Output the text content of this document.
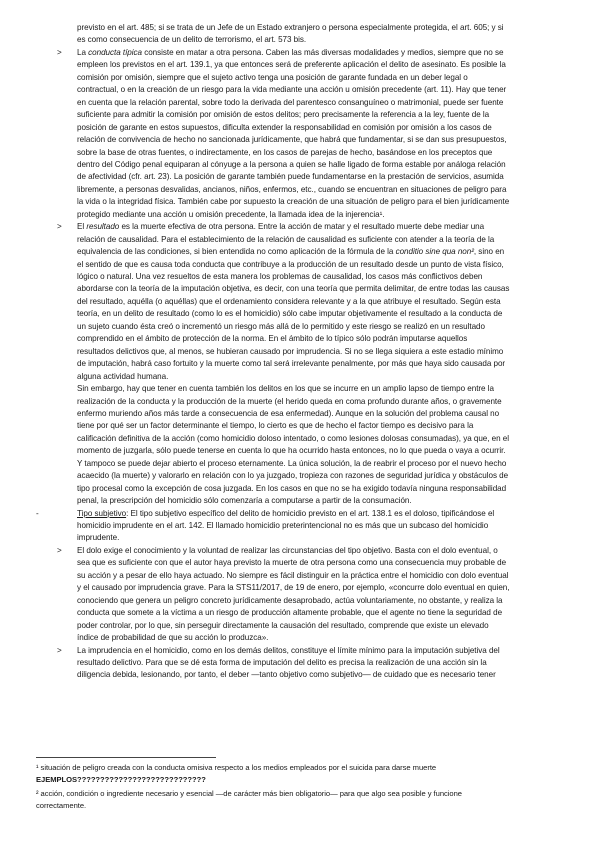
previsto en el art. 485; si se trata de un Jefe de un Estado extranjero o persona especialmente protegida, el art. 605; y si
es como consecuencia de un delito de terrorismo, el art. 573 bis.
> La conducta típica consiste en matar a otra persona. Caben las más diversas modalidades y medios, siempre que no se
empleen los previstos en el art. 139.1, ya que entonces será de preferente aplicación el delito de asesinato. Es posible la
comisión por omisión, siempre que el sujeto activo tenga una posición de garante fundada en un deber legal o
contractual, o en la creación de un riesgo para la vida mediante una acción u omisión precedente (art. 11). Hay que tener
en cuenta que la relación parental, sobre todo la derivada del parentesco consanguíneo o matrimonial, puede ser fuente
suficiente para admitir la comisión por omisión de estos delitos; pero precisamente la referencia a la ley, fuente de la
posición de garante en estos supuestos, dificulta extender la responsabilidad en comisión por omisión a los casos de
relación de convivencia de hecho no sancionada jurídicamente, que habrá que fundamentar, si se dan sus presupuestos,
sobre la base de otras fuentes, o indirectamente, en los casos de parejas de hecho, basándose en los preceptos que
dentro del Código penal equiparan al cónyuge a la persona a quien se halle ligado de forma estable por análoga relación
de afectividad (cfr. art. 23). La posición de garante también puede fundamentarse en la prestación de servicios, asumida
libremente, a personas desvalidas, ancianos, niños, enfermos, etc., cuando se encuentran en situaciones de peligro para
la vida o la integridad física. También cabe por supuesto la creación de una situación de peligro para el bien jurídicamente
protegido mediante una acción u omisión precedente, la llamada idea de la injerencia¹.
> El resultado es la muerte efectiva de otra persona. Entre la acción de matar y el resultado muerte debe mediar una
relación de causalidad. Para el establecimiento de la relación de causalidad es suficiente con atender a la teoría de la
equivalencia de las condiciones, si bien entendida no como aplicación de la fórmula de la conditio sine qua non², sino en
el sentido de que es causa toda conducta que contribuye a la producción de un resultado desde un punto de vista físico,
lógico o natural. Una vez resueltos de esta manera los problemas de causalidad, los casos más conflictivos deben
abordarse con la teoría de la imputación objetiva, es decir, con una teoría que permita delimitar, de entre todas las causas
del resultado, aquélla (o aquéllas) que el ordenamiento considera relevante y a la que atribuye el resultado. Según esta
teoría, en un delito de resultado (como lo es el homicidio) sólo cabe imputar objetivamente el resultado a la conducta de
un sujeto cuando ésta creó o incrementó un riesgo más allá de lo permitido y este riesgo se realizó en un resultado
comprendido en el ámbito de protección de la norma. En el ámbito de lo típico sólo podrán imputarse aquellos
resultados delictivos que, al menos, se hubieran causado por imprudencia. Si no se llega siquiera a este estadio mínimo
de imputación, habrá caso fortuito y la muerte como tal será irrelevante penalmente, por más que haya sido causada por
alguna actividad humana.
Sin embargo, hay que tener en cuenta también los delitos en los que se incurre en un amplio lapso de tiempo entre la
realización de la conducta y la producción de la muerte (el herido queda en coma profundo durante años, o gravemente
enfermo muriendo años más tarde a consecuencia de esa enfermedad). Aunque en la solución del problema causal no
tiene por qué ser un factor determinante el tiempo, lo cierto es que de hecho el factor tiempo es decisivo para la
calificación definitiva de la acción (como homicidio doloso intentado, o como lesiones dolosas consumadas), ya que, en el
momento de juzgarla, sólo puede tenerse en cuenta lo que ha ocurrido hasta entonces, no lo que pueda o vaya a ocurrir.
Y tampoco se puede dejar abierto el proceso eternamente. La única solución, la de reabrir el proceso por el nuevo hecho
acaecido (la muerte) y valorarlo en relación con lo ya juzgado, tropieza con razones de seguridad jurídica y obstáculos de
tipo procesal como la excepción de cosa juzgada. En los casos en que no se ha exigido todavía ninguna responsabilidad
penal, la prescripción del homicidio sólo comenzaría a computarse a partir de la consumación.
-	Tipo subjetivo: El tipo subjetivo específico del delito de homicidio previsto en el art. 138.1 es el doloso, tipificándose el
homicidio imprudente en el art. 142. El llamado homicidio preterintencional no es más que un subcaso del homicidio
imprudente.
> El dolo exige el conocimiento y la voluntad de realizar las circunstancias del tipo objetivo. Basta con el dolo eventual, o
sea que es suficiente con que el autor haya previsto la muerte de otra persona como una consecuencia muy probable de
su acción y a pesar de ello haya actuado. No siempre es fácil distinguir en la práctica entre el homicidio con dolo eventual
y el causado por imprudencia grave. Para la STS11/2017, de 19 de enero, por ejemplo, «concurre dolo eventual en quien,
conociendo que genera un peligro concreto jurídicamente desaprobado, actúa voluntariamente, no obstante, y realiza la
conducta que somete a la víctima a un riesgo de producción altamente probable, que el agente no tiene la seguridad de
poder controlar, por lo que, sin perseguir directamente la causación del resultado, comprende que existe un elevado
índice de probabilidad de que su acción lo produzca».
> La imprudencia en el homicidio, como en los demás delitos, constituye el límite mínimo para la imputación subjetiva del
resultado delictivo. Para que se dé esta forma de imputación del delito es precisa la realización de una acción sin la
diligencia debida, lesionando, por tanto, el deber —tanto objetivo como subjetivo— de cuidado que es necesario tener
¹ situación de peligro creada con la conducta omisiva respecto a los medios empleados por el suicida para darse muerte
EJEMPLOS????????????????????????????
² acción, condición o ingrediente necesario y esencial —de carácter más bien obligatorio— para que algo sea posible y funcione
correctamente.
